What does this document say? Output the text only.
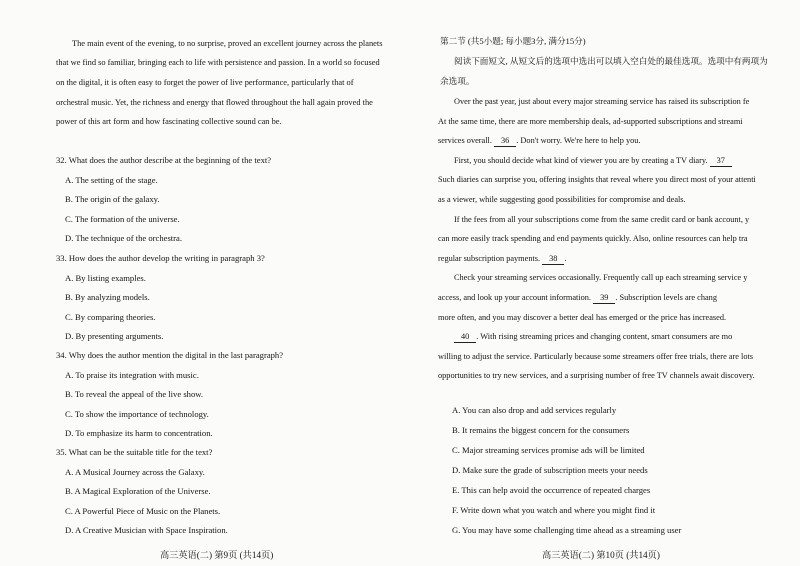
The main event of the evening, to no surprise, proved an excellent journey across the planets
that we find so familiar, bringing each to life with persistence and passion. In a world so focused
on the digital, it is often easy to forget the power of live performance, particularly that of
orchestral music. Yet, the richness and energy that flowed throughout the hall again proved the
power of this art form and how fascinating collective sound can be.
32. What does the author describe at the beginning of the text?
A. The setting of the stage.
B. The origin of the galaxy.
C. The formation of the universe.
D. The technique of the orchestra.
33. How does the author develop the writing in paragraph 3?
A. By listing examples.
B. By analyzing models.
C. By comparing theories.
D. By presenting arguments.
34. Why does the author mention the digital in the last paragraph?
A. To praise its integration with music.
B. To reveal the appeal of the live show.
C. To show the importance of technology.
D. To emphasize its harm to concentration.
35. What can be the suitable title for the text?
A. A Musical Journey across the Galaxy.
B. A Magical Exploration of the Universe.
C. A Powerful Piece of Music on the Planets.
D. A Creative Musician with Space Inspiration.
高三英语(二) 第9页 (共14页)
第二节 (共5小题; 每小题3分, 满分15分)
阅读下面短文, 从短文后的选项中选出可以填入空白处的最佳选项。选项中有两项为
余选项。
Over the past year, just about every major streaming service has raised its subscription fe
At the same time, there are more membership deals, ad-supported subscriptions and streami
services overall. 36 . Don't worry. We're here to help you.
First, you should decide what kind of viewer you are by creating a TV diary. 37
Such diaries can surprise you, offering insights that reveal where you direct most of your attenti
as a viewer, while suggesting good possibilities for compromise and deals.
If the fees from all your subscriptions come from the same credit card or bank account, y
can more easily track spending and end payments quickly. Also, online resources can help tra
regular subscription payments. 38 .
Check your streaming services occasionally. Frequently call up each streaming service y
access, and look up your account information. 39 . Subscription levels are chang
more often, and you may discover a better deal has emerged or the price has increased.
40 . With rising streaming prices and changing content, smart consumers are mo
willing to adjust the service. Particularly because some streamers offer free trials, there are lots
opportunities to try new services, and a surprising number of free TV channels await discovery.
A. You can also drop and add services regularly
B. It remains the biggest concern for the consumers
C. Major streaming services promise ads will be limited
D. Make sure the grade of subscription meets your needs
E. This can help avoid the occurrence of repeated charges
F. Write down what you watch and where you might find it
G. You may have some challenging time ahead as a streaming user
高三英语(二) 第10页 (共14页)
